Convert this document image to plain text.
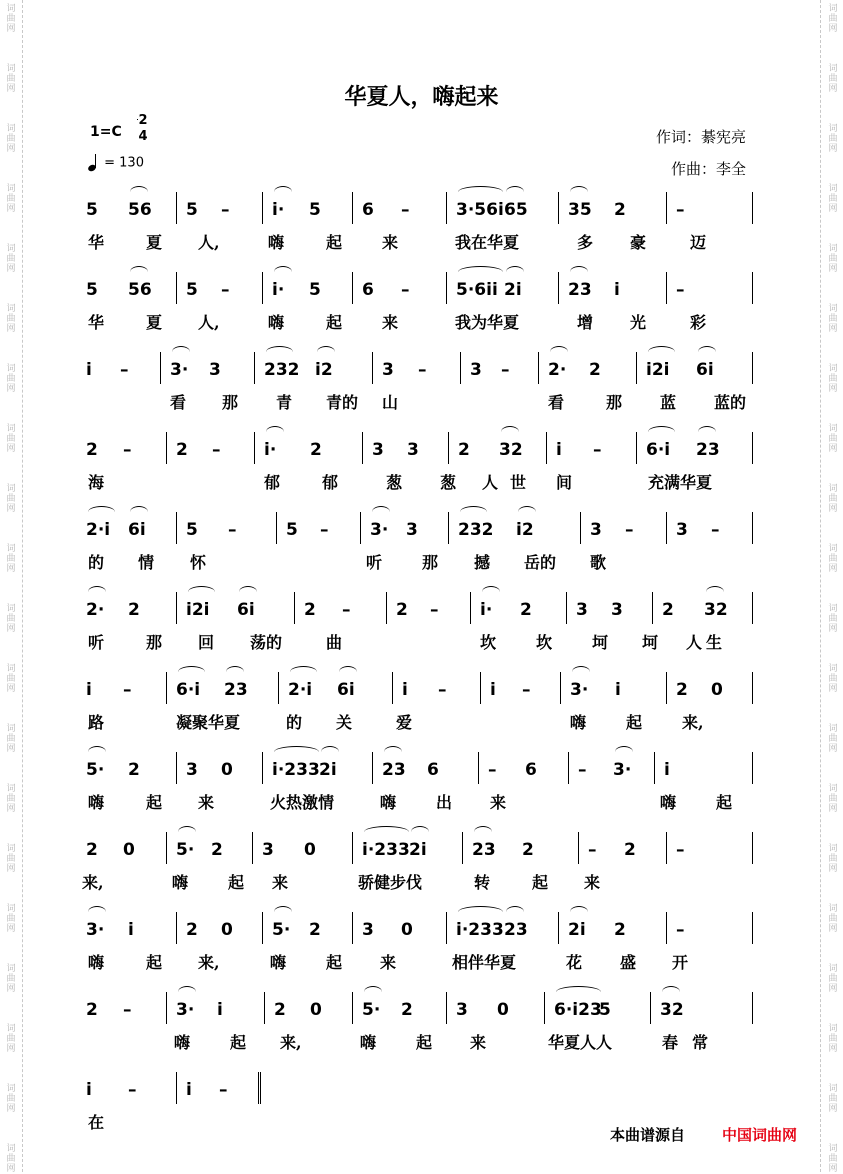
词
曲
网
词
曲
网
词
曲
网
词
曲
网
词
曲
网
词
曲
网
词
曲
网
词
曲
网
词
曲
网
词
曲
网
词
曲
网
词
曲
网
词
曲
网
词
曲
网
词
曲
网
词
曲
网
词
曲
网
词
曲
网
词
曲
网
词
曲
网
词
曲
网
词
曲
网
词
曲
网
词
曲
网
词
曲
网
词
曲
网
词
曲
网
词
曲
网
词
曲
网
词
曲
网
词
曲
网
词
曲
网
词
曲
网
词
曲
网
词
曲
网
词
曲
网
词
曲
网
词
曲
网
词
曲
网
词
曲
网
华夏人，嗨起来
1=C
2
4
= 130
作词：綦宪亮
作曲：李全
5 56 5 –	i· 5 6 –	3·56i 65 35 2	–
华	夏 人,	嗨	起 来	我在华夏	多 豪	迈
5 56 5 –	i· 5 6 –	5·6ii 2i	23 i	–
华	夏 人,	嗨	起 来	我为华夏	增 光	彩
i – 3· 3	232 i2	3 –	3 – 2· 2	i2i 6i
看 那 青 青的 山	看	那 蓝 蓝的
2 –	2 –	i· 2	3 3 2 32 i –	6·i 23
海	郁	郁	葱 葱 人 世 间	充满华夏
2·i 6i 5 –	5 – 3· 3 232 i2	3 –	3 –
的 情 怀	听 那 撼 岳的 歌
2· 2	i2i 6i	2 –	2 – i· 2	3 3 2 32
听	那 回 荡的	曲	坎 坎 坷 坷 人 生
i –	6·i 23 2·i 6i	i –	i – 3· i	2 0
路	凝聚华夏	的 关	爱	嗨 起 来,
5· 2	3 0 i·233 2i	23 6	– 6 – 3· i
嗨	起 来	火热激情	嗨 出 来	嗨 起
2 0 5· 2 3 0	i·233 2i	23 2	– 2 –
来,	嗨 起 来	骄健步伐	转	起 来
3· i	2 0 5· 2 3 0	i·233 23 2i 2	–
嗨	起 来,	嗨 起 来	相伴华夏	花 盛 开
2 –	3· i	2 0 5· 2	3 0	6·i23
5	32
嗨 起 来,	嗨 起 来	华夏人人	春 常
i –	i –
在
本曲谱源自 中国词曲网
